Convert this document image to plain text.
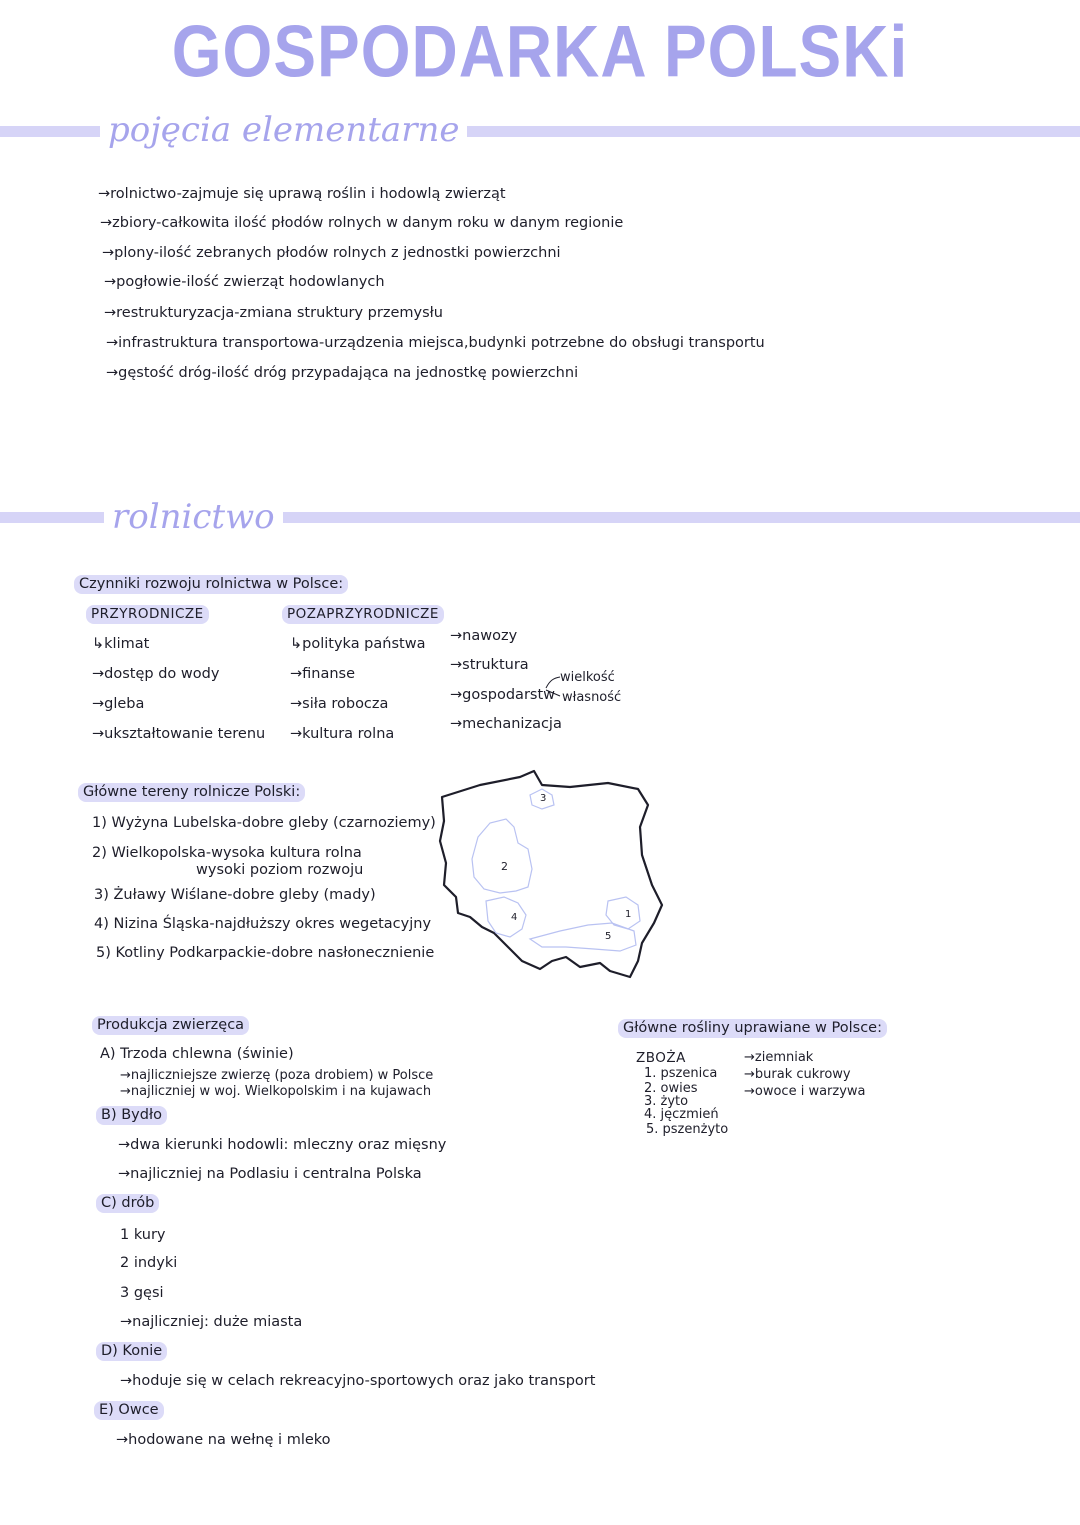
GOSPODARKA POLSKi
pojęcia elementarne
→rolnictwo-zajmuje się uprawą roślin i hodowlą zwierząt
→zbiory-całkowita ilość płodów rolnych w danym roku w danym regionie
→plony-ilość zebranych płodów rolnych z jednostki powierzchni
→pogłowie-ilość zwierząt hodowlanych
→restrukturyzacja-zmiana struktury przemysłu
→infrastruktura transportowa-urządzenia miejsca,budynki potrzebne do obsługi transportu
→gęstość dróg-ilość dróg przypadająca na jednostkę powierzchni
rolnictwo
Czynniki rozwoju rolnictwa w Polsce:
PRZYRODNICZE
↳klimat
→dostęp do wody
→gleba
→ukształtowanie terenu
POZAPRZYRODNICZE
↳polityka państwa
→finanse
→siła robocza
→kultura rolna
→nawozy
→struktura
→gospodarstw
→mechanizacja
wielkość
własność
Główne tereny rolnicze Polski:
1) Wyżyna Lubelska-dobre gleby (czarnoziemy)
2) Wielkopolska-wysoka kultura rolna
wysoki poziom rozwoju
3) Żuławy Wiślane-dobre gleby (mady)
4) Nizina Śląska-najdłuższy okres wegetacyjny
5) Kotliny Podkarpackie-dobre nasłonecznienie
3
2
4	1
5
Produkcja zwierzęca
A) Trzoda chlewna (świnie)
→najliczniejsze zwierzę (poza drobiem) w Polsce
→najliczniej w woj. Wielkopolskim i na kujawach
B) Bydło
→dwa kierunki hodowli: mleczny oraz mięsny
→najliczniej na Podlasiu i centralna Polska
C) drób
1 kury
2 indyki
3 gęsi
→najliczniej: duże miasta
D) Konie
→hoduje się w celach rekreacyjno-sportowych oraz jako transport
E) Owce
→hodowane na wełnę i mleko
Główne rośliny uprawiane w Polsce:
ZBOŻA
1. pszenica
2. owies
3. żyto
4. jęczmień
5. pszenżyto
→ziemniak
→burak cukrowy
→owoce i warzywa
